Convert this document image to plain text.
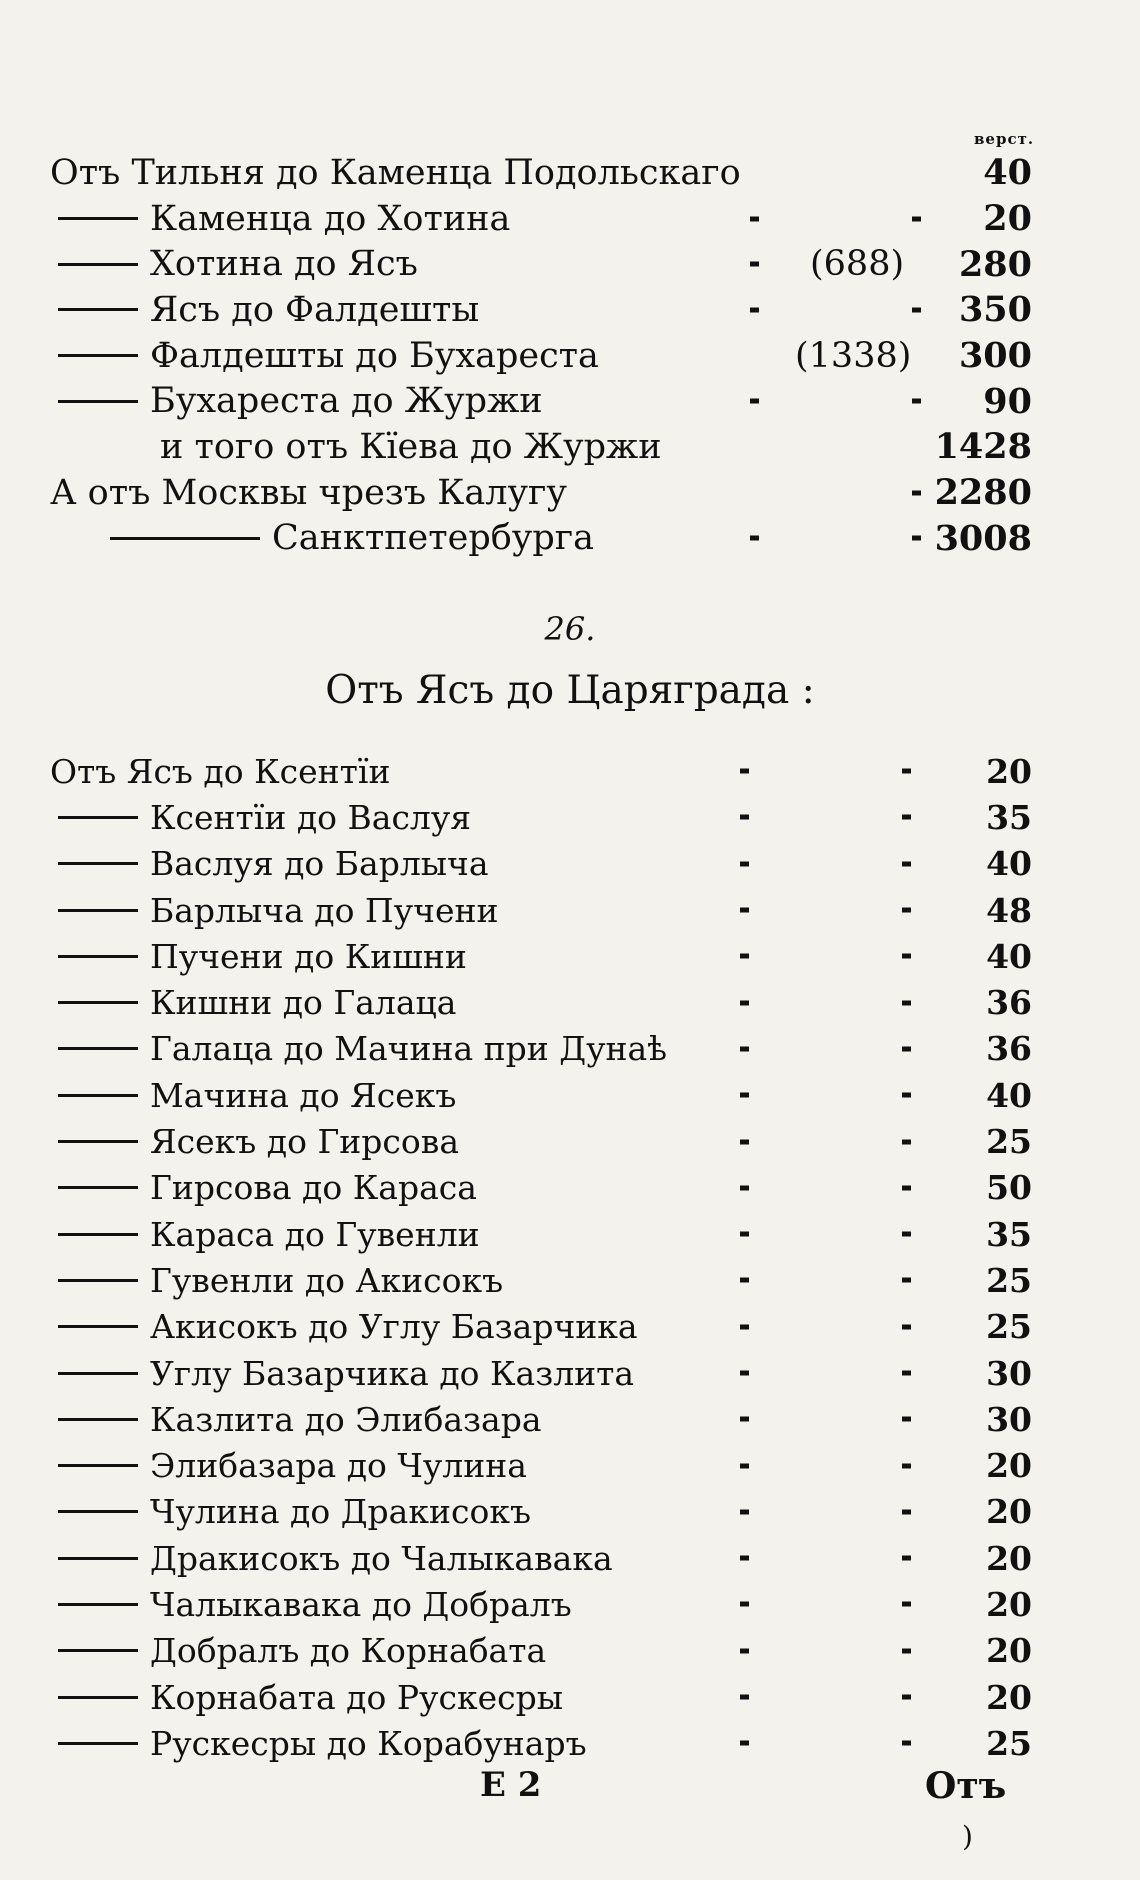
верст.
Отъ Тильня до Каменца Подольскаго	40
Каменца до Хотина	20
Хотина до Ясъ	(688) 280
Ясъ до Фалдешты	350
Фалдешты до Бухареста	(1338) 300
Бухареста до Журжи	90
и того отъ Кїева до Журжи	1428
А отъ Москвы чрезъ Калугу	2280
Санктпетербурга	3008
26.
Отъ Ясъ до Царяграда :
Отъ Ясъ до Ксентїи	20
Ксентїи до Васлуя	35
Васлуя до Барлыча	40
Барлыча до Пучени	48
Пучени до Кишни	40
Кишни до Галаца	36
Галаца до Мачина при Дунаѣ	36
Мачина до Ясекъ	40
Ясекъ до Гирсова	25
Гирсова до Караса	50
Караса до Гувенли	35
Гувенли до Акисокъ	25
Акисокъ до Углу Базарчика	25
Углу Базарчика до Казлита	30
Казлита до Элибазара	30
Элибазара до Чулина	20
Чулина до Дракисокъ	20
Дракисокъ до Чалыкавака	20
Чалыкавака до Добралъ	20
Добралъ до Корнабата	20
Корнабата до Рускесры	20
Рускесры до Корабунаръ	25
Е 2	Отъ
)
